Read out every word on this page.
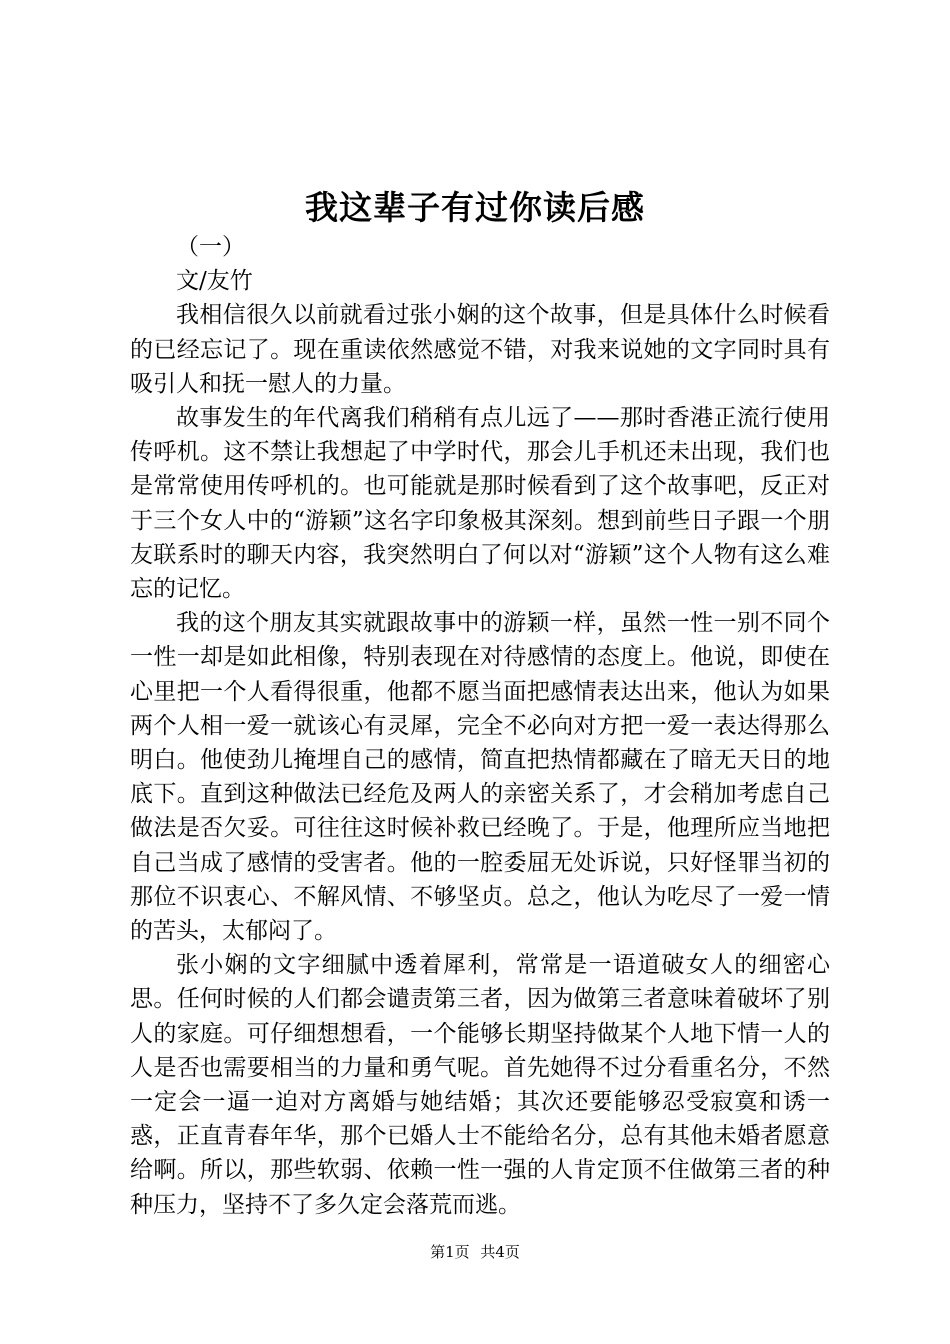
我这辈子有过你读后感

（一）

文/友竹

我相信很久以前就看过张小娴的这个故事，但是具体什么时候看的已经忘记了。现在重读依然感觉不错，对我来说她的文字同时具有吸引人和抚一慰人的力量。

故事发生的年代离我们稍稍有点儿远了——那时香港正流行使用传呼机。这不禁让我想起了中学时代，那会儿手机还未出现，我们也是常常使用传呼机的。也可能就是那时候看到了这个故事吧，反正对于三个女人中的“游颖”这名字印象极其深刻。想到前些日子跟一个朋友联系时的聊天内容，我突然明白了何以对“游颖”这个人物有这么难忘的记忆。

我的这个朋友其实就跟故事中的游颖一样，虽然一性一别不同个一性一却是如此相像，特别表现在对待感情的态度上。他说，即使在心里把一个人看得很重，他都不愿当面把感情表达出来，他认为如果两个人相一爱一就该心有灵犀，完全不必向对方把一爱一表达得那么明白。他使劲儿掩埋自己的感情，简直把热情都藏在了暗无天日的地底下。直到这种做法已经危及两人的亲密关系了，才会稍加考虑自己做法是否欠妥。可往往这时候补救已经晚了。于是，他理所应当地把自己当成了感情的受害者。他的一腔委屈无处诉说，只好怪罪当初的那位不识衷心、不解风情、不够坚贞。总之，他认为吃尽了一爱一情的苦头，太郁闷了。

张小娴的文字细腻中透着犀利，常常是一语道破女人的细密心思。任何时候的人们都会谴责第三者，因为做第三者意味着破坏了别人的家庭。可仔细想想看，一个能够长期坚持做某个人地下情一人的人是否也需要相当的力量和勇气呢。首先她得不过分看重名分，不然一定会一逼一迫对方离婚与她结婚；其次还要能够忍受寂寞和诱一惑，正直青春年华，那个已婚人士不能给名分，总有其他未婚者愿意给啊。所以，那些软弱、依赖一性一强的人肯定顶不住做第三者的种种压力，坚持不了多久定会落荒而逃。

第1页 共4页
